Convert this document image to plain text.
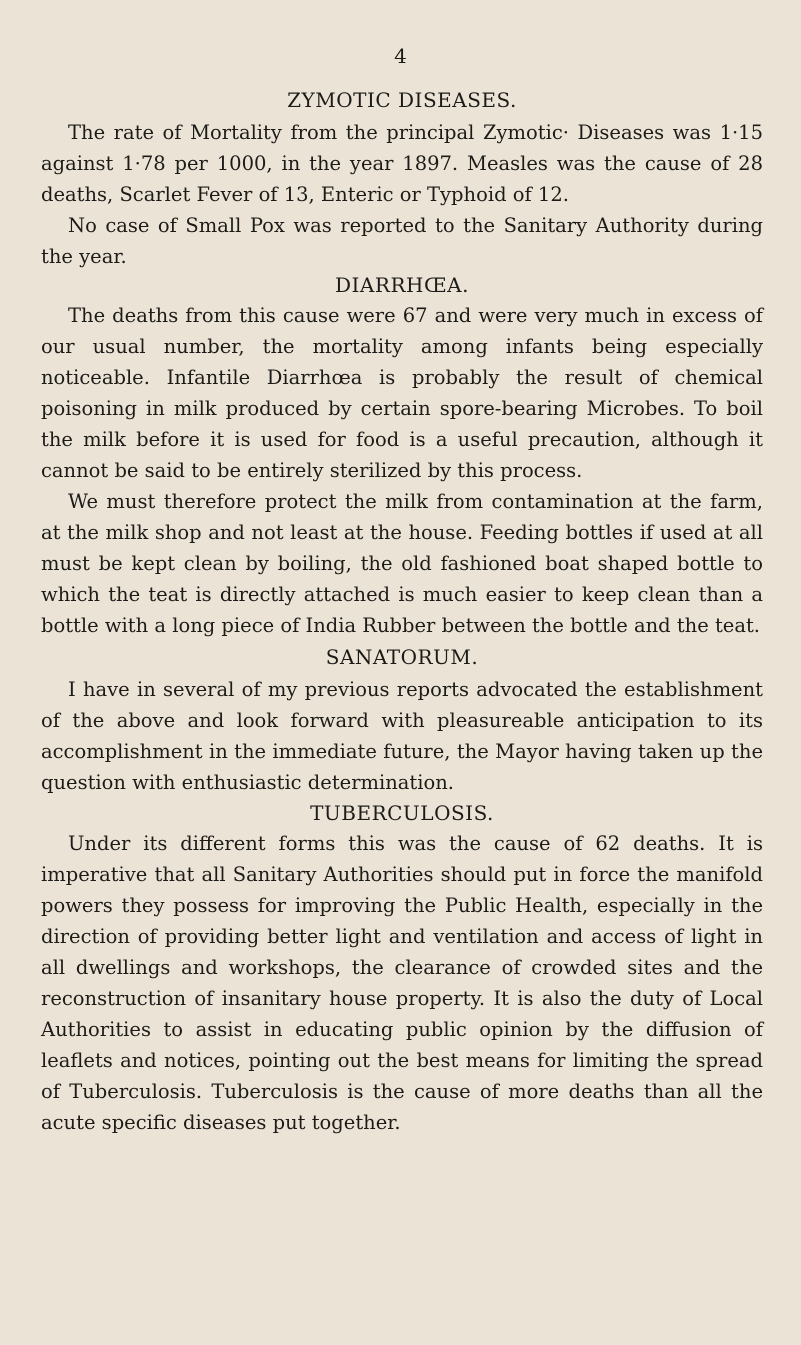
4
ZYMOTIC DISEASES.

The rate of Mortality from the principal Zymotic· Diseases was 1·15 against 1·78 per 1000, in the year 1897. Measles was the cause of 28 deaths, Scarlet Fever of 13, Enteric or Typhoid of 12.

No case of Small Pox was reported to the Sanitary Authority during the year.

DIARRHŒA.

The deaths from this cause were 67 and were very much in excess of our usual number, the mortality among infants being especially noticeable. Infantile Diarrhœa is probably the result of chemical poisoning in milk produced by certain spore-bearing Microbes. To boil the milk before it is used for food is a useful precaution, although it cannot be said to be entirely sterilized by this process.

We must therefore protect the milk from contamination at the farm, at the milk shop and not least at the house. Feeding bottles if used at all must be kept clean by boiling, the old fashioned boat shaped bottle to which the teat is directly attached is much easier to keep clean than a bottle with a long piece of India Rubber between the bottle and the teat.

SANATORUM.

I have in several of my previous reports advocated the establishment of the above and look forward with pleasureable anticipation to its accomplishment in the immediate future, the Mayor having taken up the question with enthusiastic determination.

TUBERCULOSIS.

Under its different forms this was the cause of 62 deaths. It is imperative that all Sanitary Authorities should put in force the manifold powers they possess for improving the Public Health, especially in the direction of providing better light and ventilation and access of light in all dwellings and workshops, the clearance of crowded sites and the reconstruction of insanitary house property. It is also the duty of Local Authorities to assist in educating public opinion by the diffusion of leaflets and notices, pointing out the best means for limiting the spread of Tuberculosis. Tuberculosis is the cause of more deaths than all the acute specific diseases put together.
